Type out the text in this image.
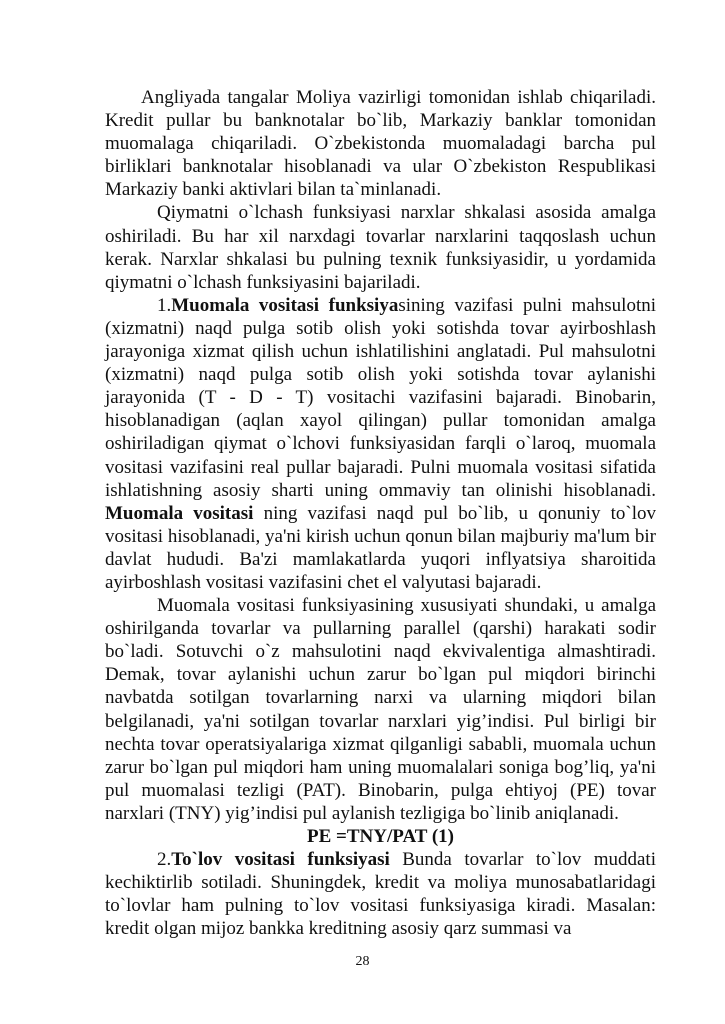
Angliyada tangalar Moliya vazirligi tomonidan ishlab chiqariladi. Kredit pullar bu banknotalar bo`lib, Markaziy banklar tomonidan muomalaga chiqariladi. O`zbekistonda muomaladagi barcha pul birliklari banknotalar hisoblanadi va ular O`zbekiston Respublikasi Markaziy banki aktivlari bilan ta`minlanadi.

Qiymatni o`lchash funksiyasi narxlar shkalasi asosida amalga oshiriladi. Bu har xil narxdagi tovarlar narxlarini taqqoslash uchun kerak. Narxlar shkalasi bu pulning texnik funksiyasidir, u yordamida qiymatni o`lchash funksiyasini bajariladi.

1.Muomala vositasi funksiyasining vazifasi pulni mahsulotni (xizmatni) naqd pulga sotib olish yoki sotishda tovar ayirboshlash jarayoniga xizmat qilish uchun ishlatilishini anglatadi. Pul mahsulotni (xizmatni) naqd pulga sotib olish yoki sotishda tovar aylanishi jarayonida (T - D - T) vositachi vazifasini bajaradi. Binobarin, hisoblanadigan (aqlan xayol qilingan) pullar tomonidan amalga oshiriladigan qiymat o`lchovi funksiyasidan farqli o`laroq, muomala vositasi vazifasini real pullar bajaradi. Pulni muomala vositasi sifatida ishlatishning asosiy sharti uning ommaviy tan olinishi hisoblanadi. Muomala vositasi ning vazifasi naqd pul bo`lib, u qonuniy to`lov vositasi hisoblanadi, ya'ni kirish uchun qonun bilan majburiy ma'lum bir davlat hududi. Ba'zi mamlakatlarda yuqori inflyatsiya sharoitida ayirboshlash vositasi vazifasini chet el valyutasi bajaradi.

Muomala vositasi funksiyasining xususiyati shundaki, u amalga oshirilganda tovarlar va pullarning parallel (qarshi) harakati sodir bo`ladi. Sotuvchi o`z mahsulotini naqd ekvivalentiga almashtiradi. Demak, tovar aylanishi uchun zarur bo`lgan pul miqdori birinchi navbatda sotilgan tovarlarning narxi va ularning miqdori bilan belgilanadi, ya'ni sotilgan tovarlar narxlari yig’indisi. Pul birligi bir nechta tovar operatsiyalariga xizmat qilganligi sababli, muomala uchun zarur bo`lgan pul miqdori ham uning muomalalari soniga bog’liq, ya'ni pul muomalasi tezligi (PAT). Binobarin, pulga ehtiyoj (PE) tovar narxlari (TNY) yig’indisi pul aylanish tezligiga bo`linib aniqlanadi.

PE =TNY/PAT (1)

2.To`lov vositasi funksiyasi Bunda tovarlar to`lov muddati kechiktirlib sotiladi. Shuningdek, kredit va moliya munosabatlaridagi to`lovlar ham pulning to`lov vositasi funksiyasiga kiradi. Masalan: kredit olgan mijoz bankka kreditning asosiy qarz summasi va

28
